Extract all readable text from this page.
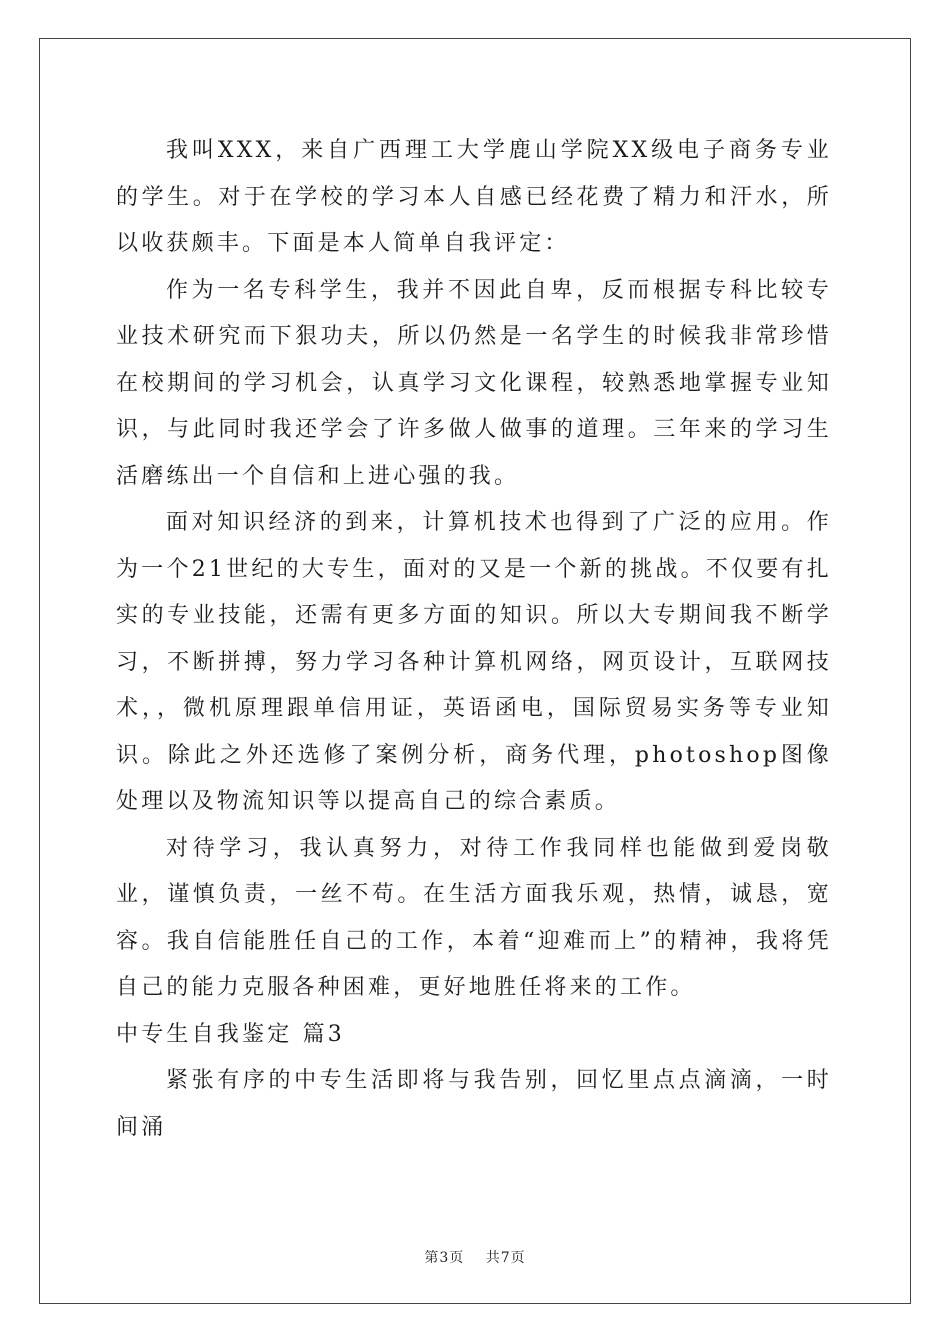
我叫XXX，来自广西理工大学鹿山学院XX级电子商务专业的学生。对于在学校的学习本人自感已经花费了精力和汗水，所以收获颇丰。下面是本人简单自我评定：

作为一名专科学生，我并不因此自卑，反而根据专科比较专业技术研究而下狠功夫，所以仍然是一名学生的时候我非常珍惜在校期间的学习机会，认真学习文化课程，较熟悉地掌握专业知识，与此同时我还学会了许多做人做事的道理。三年来的学习生活磨练出一个自信和上进心强的我。

面对知识经济的到来，计算机技术也得到了广泛的应用。作为一个21世纪的大专生，面对的又是一个新的挑战。不仅要有扎实的专业技能，还需有更多方面的知识。所以大专期间我不断学习，不断拼搏，努力学习各种计算机网络，网页设计，互联网技术，，微机原理跟单信用证，英语函电，国际贸易实务等专业知识。除此之外还选修了案例分析，商务代理，photoshop图像处理以及物流知识等以提高自己的综合素质。

对待学习，我认真努力，对待工作我同样也能做到爱岗敬业，谨慎负责，一丝不苟。在生活方面我乐观，热情，诚恳，宽容。我自信能胜任自己的工作，本着“迎难而上”的精神，我将凭自己的能力克服各种困难，更好地胜任将来的工作。

中专生自我鉴定 篇3

紧张有序的中专生活即将与我告别，回忆里点点滴滴，一时间涌

第3页 共7页
